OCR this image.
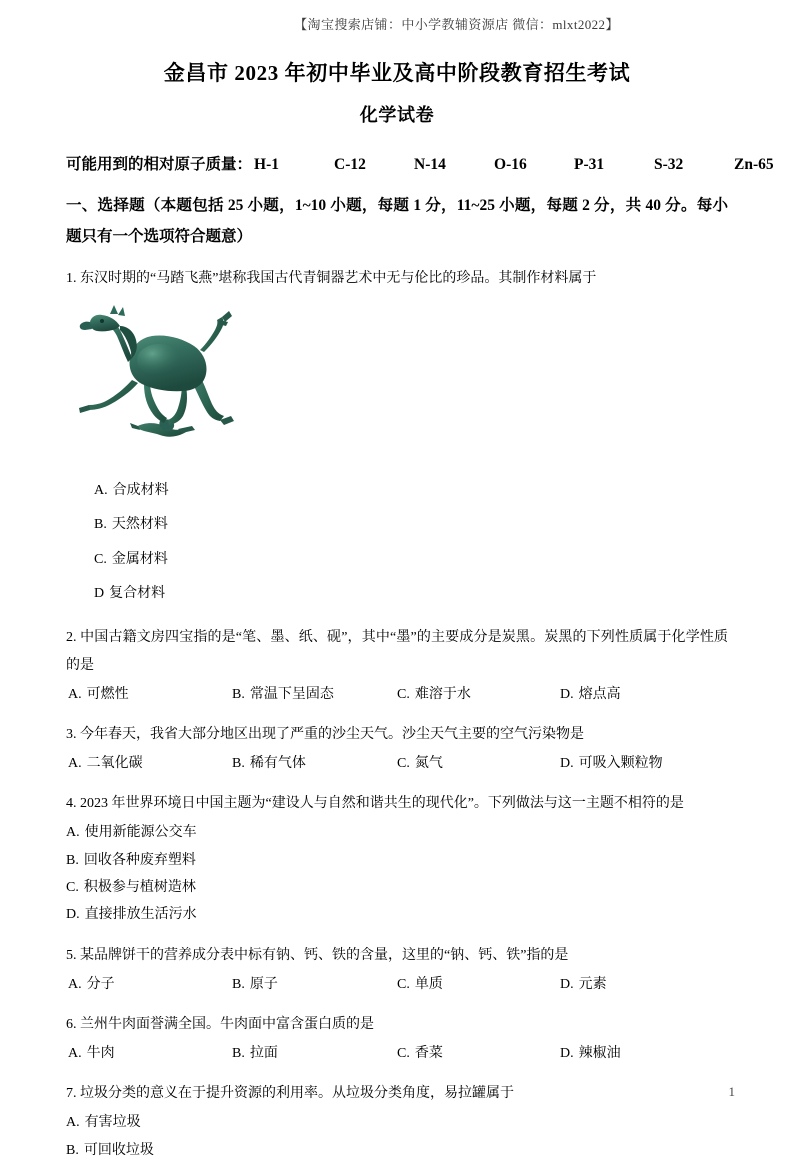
【淘宝搜索店铺：中小学教辅资源店 微信：mlxt2022】
金昌市 2023 年初中毕业及高中阶段教育招生考试
化学试卷
可能用到的相对原子质量： H-1	C-12	N-14	O-16	P-31	S-32	Zn-65
一、选择题（本题包括 25 小题，1~10 小题，每题 1 分，11~25 小题，每题 2 分，共 40 分。每小题只有一个选项符合题意）

1. 东汉时期的“马踏飞燕”堪称我国古代青铜器艺术中无与伦比的珍品。其制作材料属于

A. 合成材料
B. 天然材料
C. 金属材料
D 复合材料

2. 中国古籍文房四宝指的是“笔、墨、纸、砚”，其中“墨”的主要成分是炭黑。炭黑的下列性质属于化学性质的是

A. 可燃性	B. 常温下呈固态	C. 难溶于水	D. 熔点高

3. 今年春天，我省大部分地区出现了严重的沙尘天气。沙尘天气主要的空气污染物是

A. 二氧化碳	B. 稀有气体	C. 氮气	D. 可吸入颗粒物

4. 2023 年世界环境日中国主题为“建设人与自然和谐共生的现代化”。下列做法与这一主题不相符的是

A. 使用新能源公交车 B. 回收各种废弃塑料 C. 积极参与植树造林 D. 直接排放生活污水

5. 某品牌饼干的营养成分表中标有钠、钙、铁的含量，这里的“钠、钙、铁”指的是

A. 分子	B. 原子	C. 单质	D. 元素

6. 兰州牛肉面誉满全国。牛肉面中富含蛋白质的是

A. 牛肉	B. 拉面	C. 香菜	D. 辣椒油

7. 垃圾分类的意义在于提升资源的利用率。从垃圾分类角度，易拉罐属于

A. 有害垃圾 B. 可回收垃圾
1
